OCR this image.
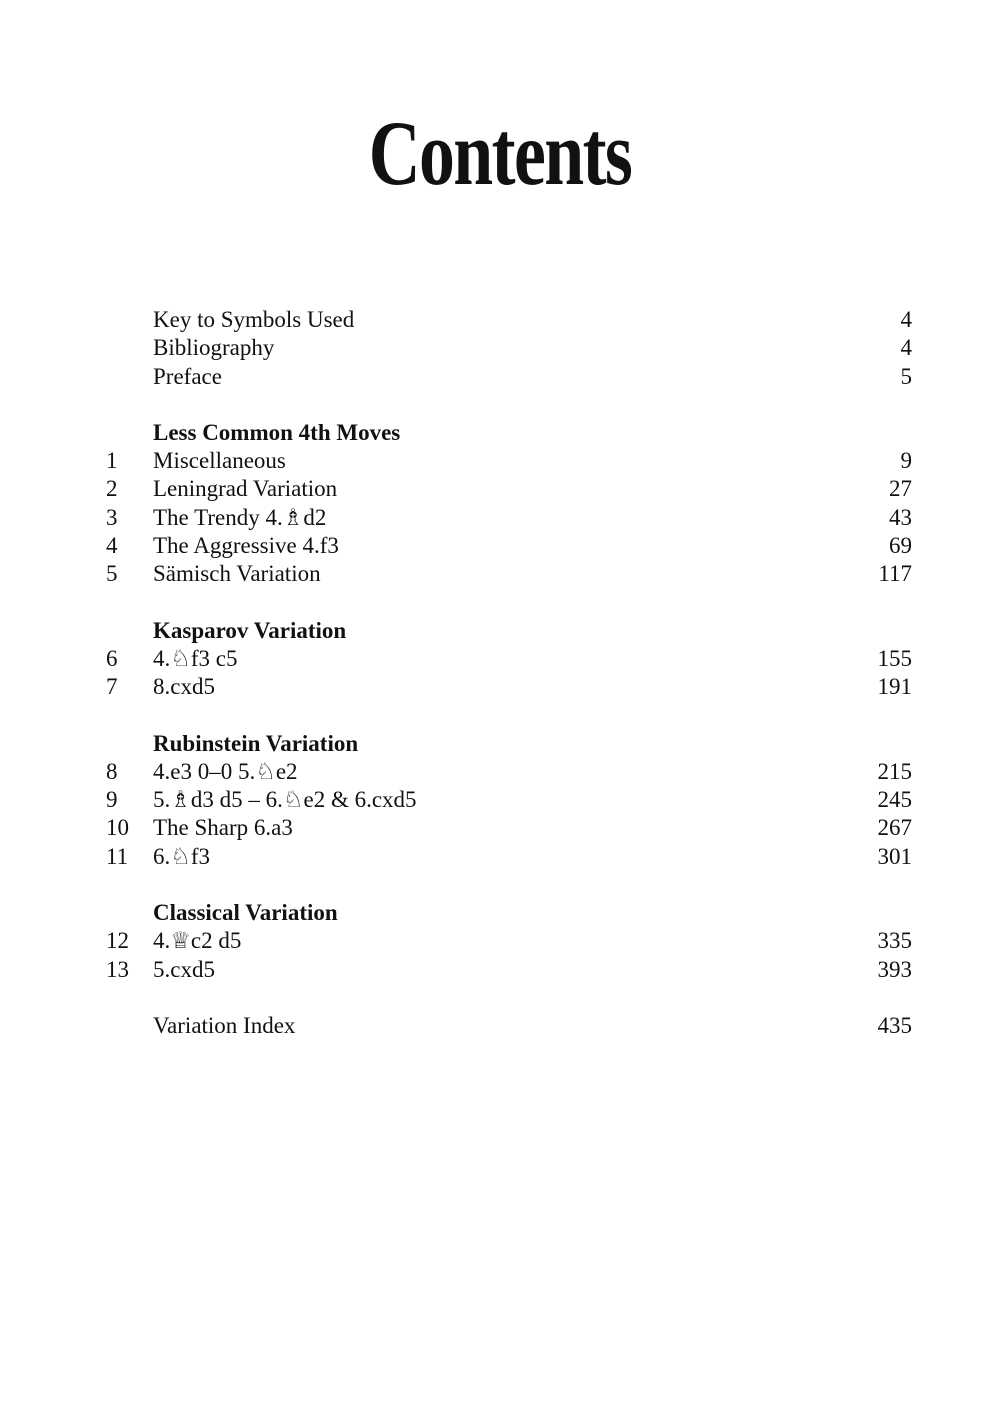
Contents
Key to Symbols Used	4
Bibliography	4
Preface	5
Less Common 4th Moves
1	Miscellaneous	9
2	Leningrad Variation	27
3	The Trendy 4.♗d2	43
4	The Aggressive 4.f3	69
5	Sämisch Variation	117
Kasparov Variation
6	4.♘f3 c5	155
7	8.cxd5	191
Rubinstein Variation
8	4.e3 0–0 5.♘e2	215
9	5.♗d3 d5 – 6.♘e2 & 6.cxd5	245
10	The Sharp 6.a3	267
11	6.♘f3	301
Classical Variation
12	4.♕c2 d5	335
13	5.cxd5	393
Variation Index	435
